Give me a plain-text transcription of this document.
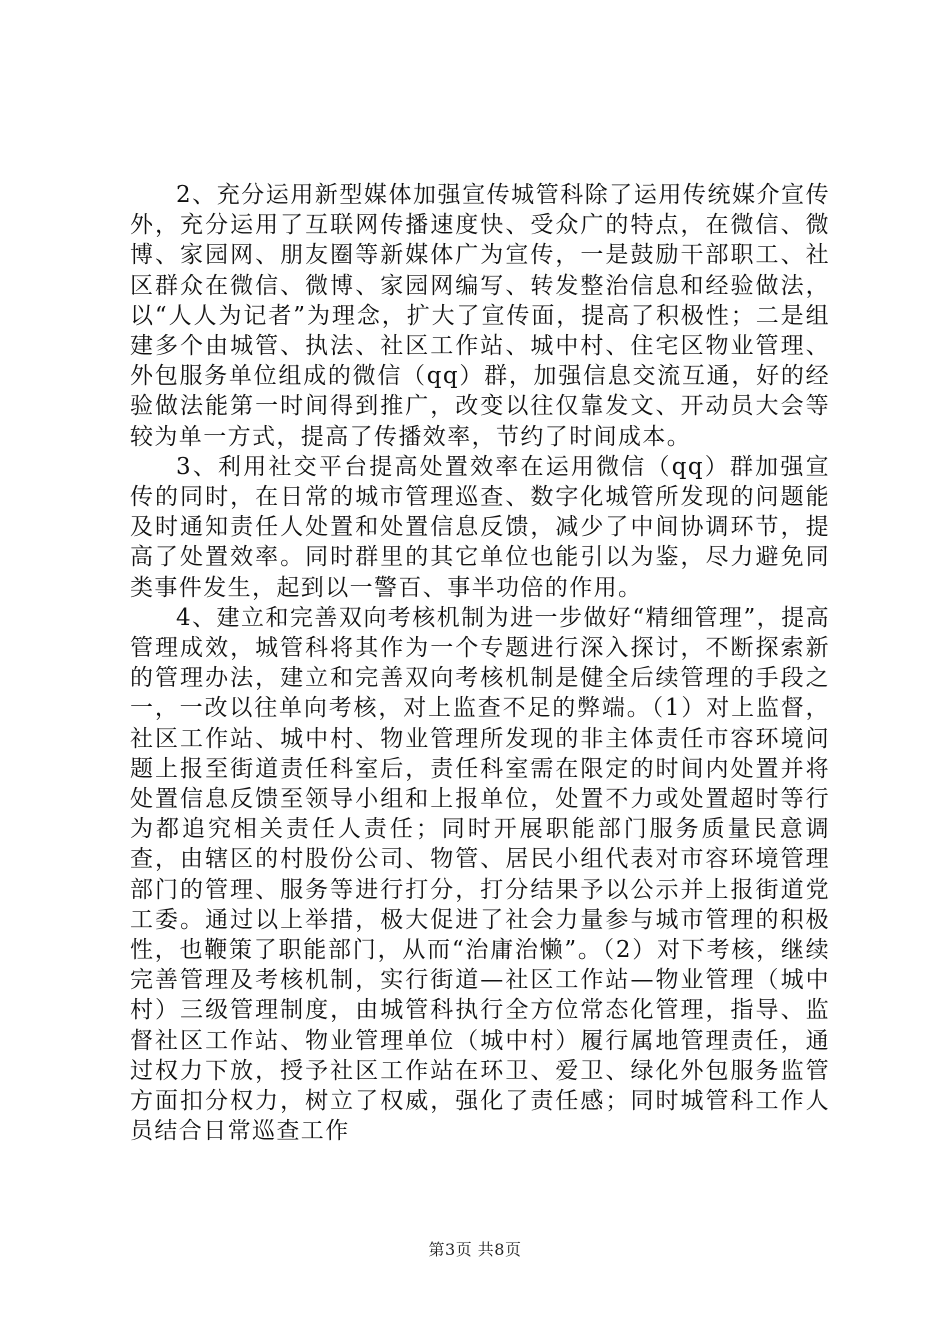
2、充分运用新型媒体加强宣传城管科除了运用传统媒介宣传外，充分运用了互联网传播速度快、受众广的特点，在微信、微博、家园网、朋友圈等新媒体广为宣传，一是鼓励干部职工、社区群众在微信、微博、家园网编写、转发整治信息和经验做法，以“人人为记者”为理念，扩大了宣传面，提高了积极性；二是组建多个由城管、执法、社区工作站、城中村、住宅区物业管理、外包服务单位组成的微信（qq）群，加强信息交流互通，好的经验做法能第一时间得到推广，改变以往仅靠发文、开动员大会等较为单一方式，提高了传播效率，节约了时间成本。

3、利用社交平台提高处置效率在运用微信（qq）群加强宣传的同时，在日常的城市管理巡查、数字化城管所发现的问题能及时通知责任人处置和处置信息反馈，减少了中间协调环节，提高了处置效率。同时群里的其它单位也能引以为鉴，尽力避免同类事件发生，起到以一警百、事半功倍的作用。

4、建立和完善双向考核机制为进一步做好“精细管理”，提高管理成效，城管科将其作为一个专题进行深入探讨，不断探索新的管理办法，建立和完善双向考核机制是健全后续管理的手段之一，一改以往单向考核，对上监查不足的弊端。（1）对上监督，社区工作站、城中村、物业管理所发现的非主体责任市容环境问题上报至街道责任科室后，责任科室需在限定的时间内处置并将处置信息反馈至领导小组和上报单位，处置不力或处置超时等行为都追究相关责任人责任；同时开展职能部门服务质量民意调查，由辖区的村股份公司、物管、居民小组代表对市容环境管理部门的管理、服务等进行打分，打分结果予以公示并上报街道党工委。通过以上举措，极大促进了社会力量参与城市管理的积极性，也鞭策了职能部门，从而“治庸治懒”。（2）对下考核，继续完善管理及考核机制，实行街道—社区工作站—物业管理（城中村）三级管理制度，由城管科执行全方位常态化管理，指导、监督社区工作站、物业管理单位（城中村）履行属地管理责任，通过权力下放，授予社区工作站在环卫、爱卫、绿化外包服务监管方面扣分权力，树立了权威，强化了责任感；同时城管科工作人员结合日常巡查工作

第3页 共8页
